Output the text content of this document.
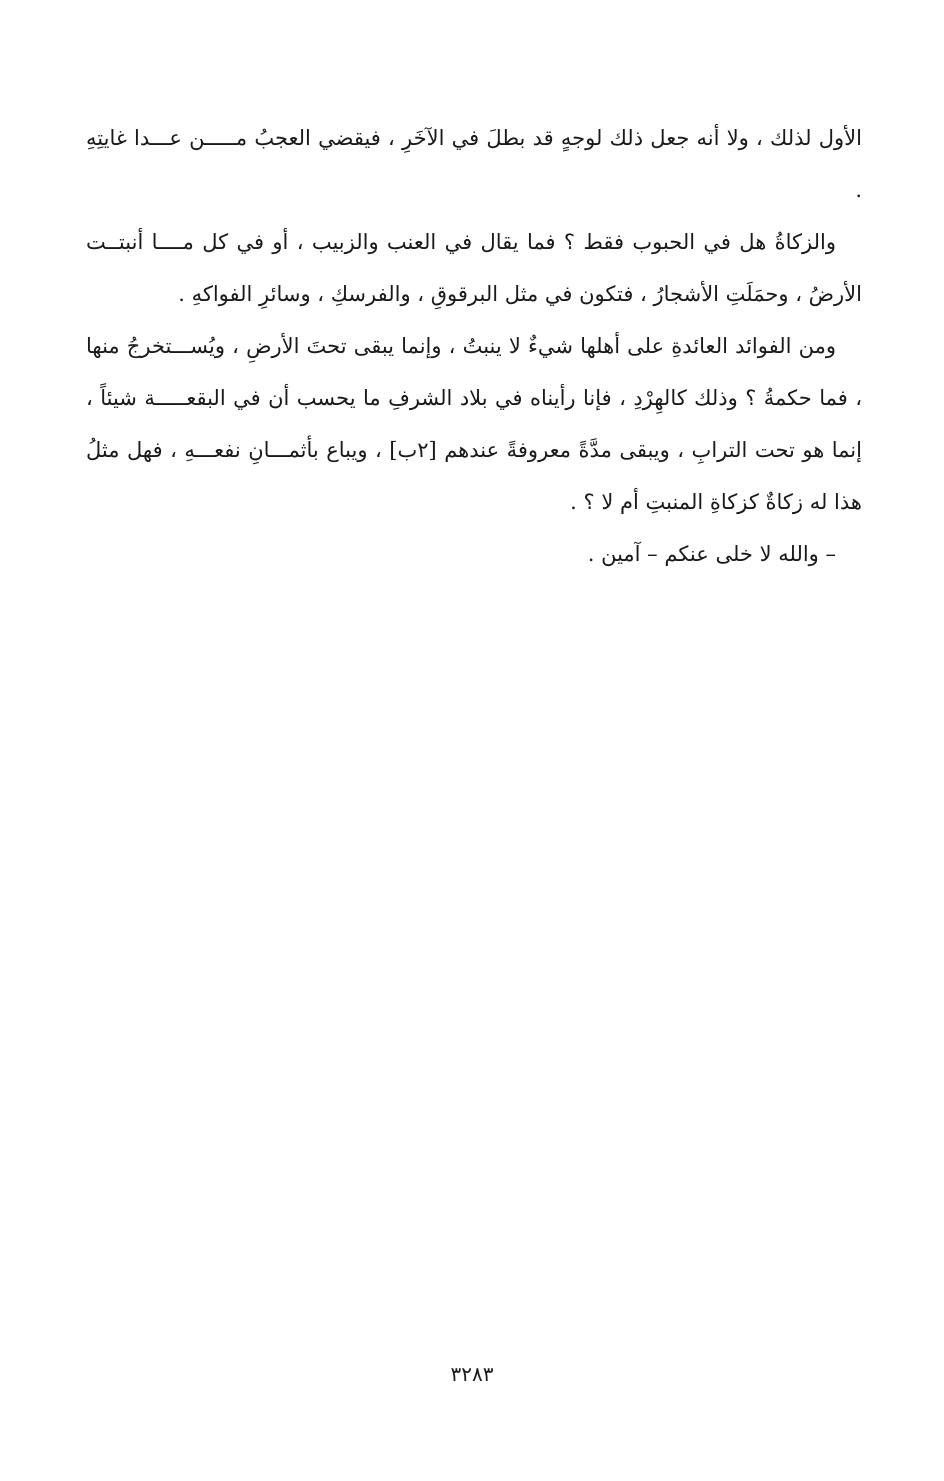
الأول لذلك ، ولا أنه جعل ذلك لوجهٍ قد بطلَ في الآخَرِ ، فيقضي العجبُ مـــــن عـــدا غايتِهِ .

والزكاةُ هل في الحبوب فقط ؟ فما يقال في العنب والزبيب ، أو في كل مــــا أنبتــت الأرضُ ، وحمَلَتِ الأشجارُ ، فتكون في مثل البرقوقِ ، والفرسكِ ، وسائرِ الفواكهِ .

ومن الفوائد العائدةِ على أهلها شيءٌ لا ينبتُ ، وإنما يبقى تحتَ الأرضِ ، ويُســـتخرجُ منها ، فما حكمةُ ؟ وذلك كالهِرْدِ ، فإنا رأيناه في بلاد الشرفِ ما يحسب أن في البقعـــــة شيئاً ، إنما هو تحت الترابِ ، ويبقى مدَّةً معروفةً عندهم [٢ب] ، ويباع بأثمـــانِ نفعـــهِ ، فهل مثلُ هذا له زكاةٌ كزكاةِ المنبتِ أم لا ؟ .

– والله لا خلى عنكم – آمين .

٣٢٨٣
